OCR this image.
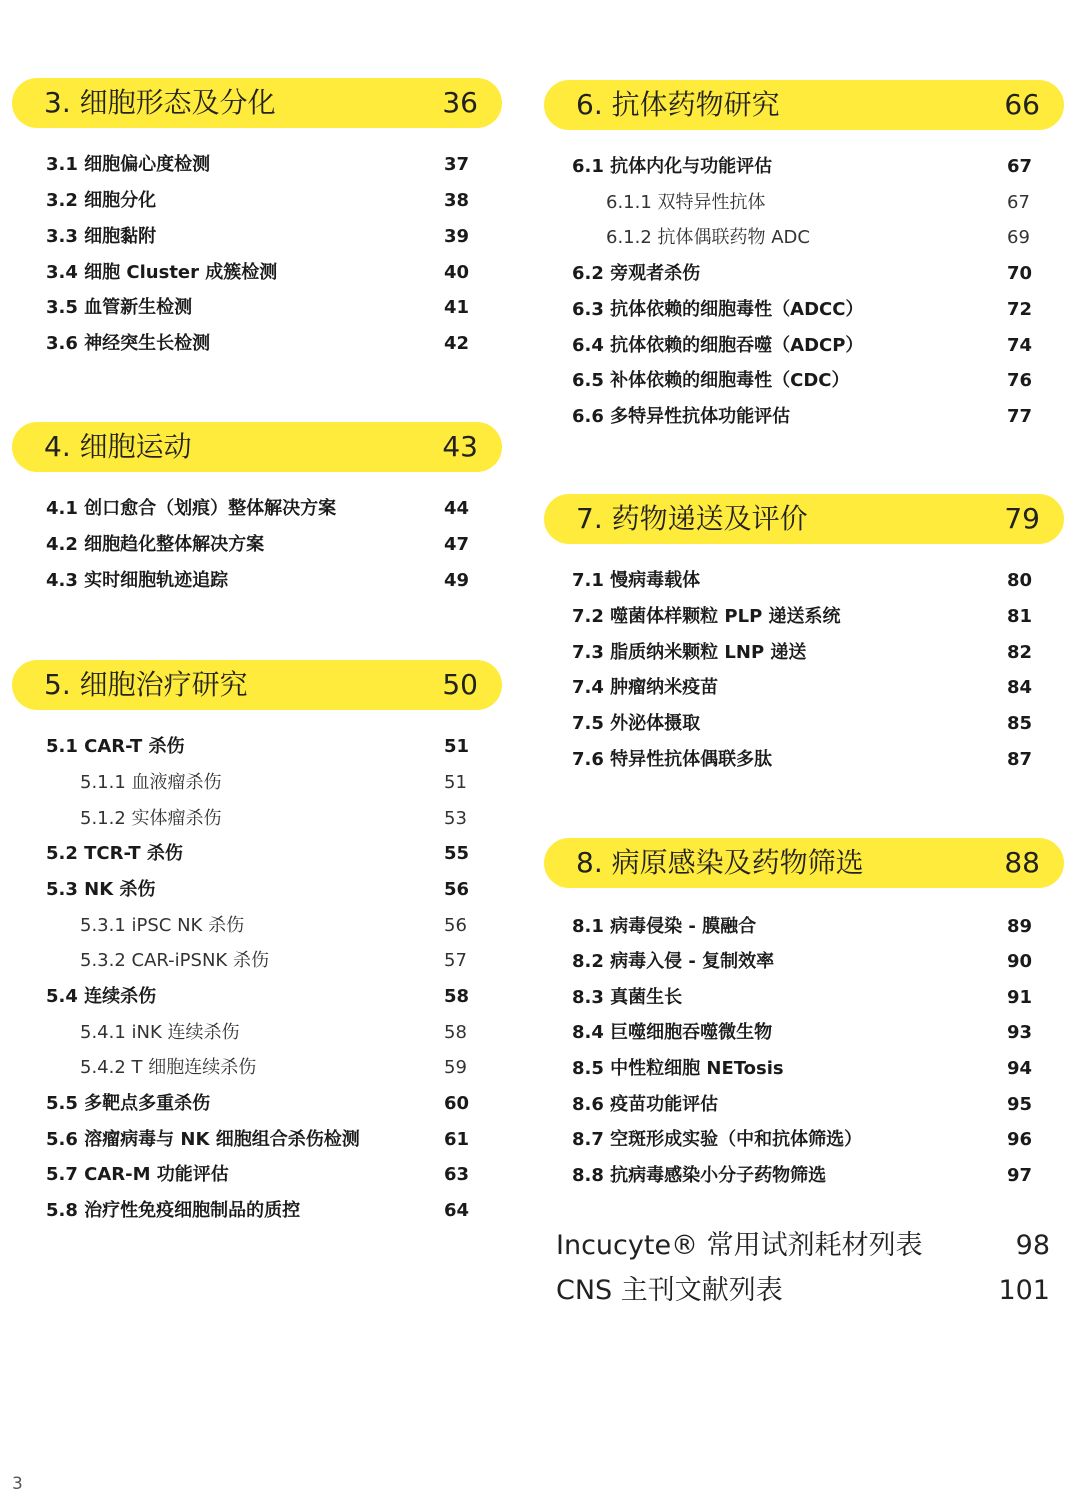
3. 细胞形态及分化	36
3.1 细胞偏心度检测	37
3.2 细胞分化	38
3.3 细胞黏附	39
3.4 细胞 Cluster 成簇检测	40
3.5 血管新生检测	41
3.6 神经突生长检测	42
4. 细胞运动	43
4.1 创口愈合（划痕）整体解决方案	44
4.2 细胞趋化整体解决方案	47
4.3 实时细胞轨迹追踪	49
5. 细胞治疗研究	50
5.1 CAR-T 杀伤	51
5.1.1 血液瘤杀伤	51
5.1.2 实体瘤杀伤	53
5.2 TCR-T 杀伤	55
5.3 NK 杀伤	56
5.3.1 iPSC NK 杀伤	56
5.3.2 CAR-iPSNK 杀伤	57
5.4 连续杀伤	58
5.4.1 iNK 连续杀伤	58
5.4.2 T 细胞连续杀伤	59
5.5 多靶点多重杀伤	60
5.6 溶瘤病毒与 NK 细胞组合杀伤检测	61
5.7 CAR-M 功能评估	63
5.8 治疗性免疫细胞制品的质控	64
6. 抗体药物研究	66
6.1 抗体内化与功能评估	67
6.1.1 双特异性抗体	67
6.1.2 抗体偶联药物 ADC	69
6.2 旁观者杀伤	70
6.3 抗体依赖的细胞毒性（ADCC）	72
6.4 抗体依赖的细胞吞噬（ADCP）	74
6.5 补体依赖的细胞毒性（CDC）	76
6.6 多特异性抗体功能评估	77
7. 药物递送及评价	79
7.1 慢病毒载体	80
7.2 噬菌体样颗粒 PLP 递送系统	81
7.3 脂质纳米颗粒 LNP 递送	82
7.4 肿瘤纳米疫苗	84
7.5 外泌体摄取	85
7.6 特异性抗体偶联多肽	87
8. 病原感染及药物筛选	88
8.1 病毒侵染 - 膜融合	89
8.2 病毒入侵 - 复制效率	90
8.3 真菌生长	91
8.4 巨噬细胞吞噬微生物	93
8.5 中性粒细胞 NETosis	94
8.6 疫苗功能评估	95
8.7 空斑形成实验（中和抗体筛选）	96
8.8 抗病毒感染小分子药物筛选	97
Incucyte® 常用试剂耗材列表	98
CNS 主刊文献列表	101
3
